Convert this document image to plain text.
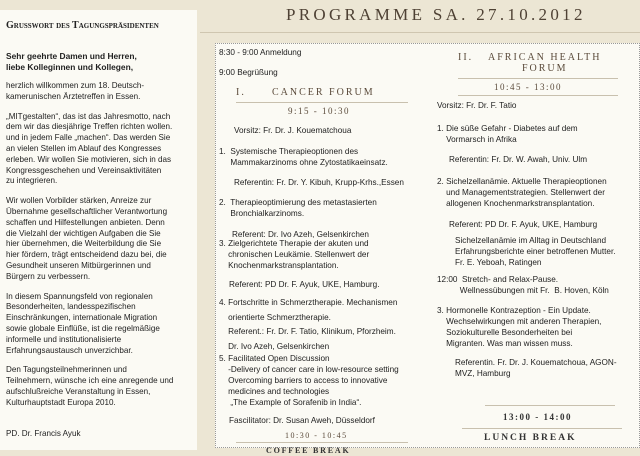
Grußwort des Tagungspräsidenten
Sehr geehrte Damen und Herren,
liebe Kolleginnen und Kollegen,

herzlich willkommen zum 18. Deutsch-
kamerunischen Ärztetreffen in Essen.

„MITgestalten“, das ist das Jahresmotto, nach
dem wir das diesjährige Treffen richten wollen.
und in jedem Falle „machen“. Das werden Sie
an vielen Stellen im Ablauf des Kongresses
erleben. Wir wollen Sie motivieren, sich in das
Kongressgeschehen und Vereinsaktivitäten
zu integrieren.

Wir wollen Vorbilder stärken, Anreize zur
Übernahme gesellschaftlicher Verantwortung
schaffen und Hilfestellungen anbieten. Denn
die Vielzahl der wichtigen Aufgaben die Sie
hier übernehmen, die Weiterbildung die Sie
hier fördern, trägt entscheidend dazu bei, die
Gesundheit unseren Mitbürgerinnen und
Bürgern zu verbessern.

In diesem Spannungsfeld von regionalen
Besonderheiten, landesspezifischen
Einschränkungen, internationale Migration
sowie globale Einflüße, ist die regelmäßige
informelle und institutionalisierte
Erfahrungsaustausch unverzichbar.

Den Tagungsteilnehmerinnen und
Teilnehmern, wünsche ich eine anregende und
aufschlußreiche Veranstaltung in Essen,
Kulturhauptstadt Europa 2010.

PD. Dr. Francis Ayuk

PROGRAMME SA. 27.10.2012
8:30 - 9:00 Anmeldung
9:00 Begrüßung
I.	CANCER FORUM
9:15 - 10:30
Vorsitz: Fr. Dr. J. Kouematchoua
1.  Systemische Therapieoptionen des
Mammakarzinoms ohne Zytostatikaeinsatz.
Referentin: Fr. Dr. Y. Kibuh, Krupp-Krhs.,Essen
2.  Therapieoptimierung des metastasierten
Bronchialkarzinoms.
Referent: Dr. Ivo Azeh, Gelsenkirchen
3. Zielgerichtete Therapie der akuten und
chronischen Leukämie. Stellenwert der
Knochenmarkstransplantation.
Referent: PD Dr. F. Ayuk, UKE, Hamburg.
4. Fortschritte in Schmerztherapie. Mechanismen
orientierte Schmerztherapie.
Referent.: Fr. Dr. F. Tatio, Klinikum, Pforzheim.
Dr. Ivo Azeh, Gelsenkirchen
5. Facilitated Open Discussion
-Delivery of cancer care in low-resource setting
Overcoming barriers to access to innovative
medicines and technologies
„The Example of Sorafenib in India“.
Fascilitator: Dr. Susan Aweh, Düsseldorf
10:30 - 10:45
COFFEE BREAK
II. AFRICAN HEALTH
FORUM
10:45 - 13:00
Vorsitz: Fr. Dr. F. Tatio
1. Die süße Gefahr - Diabetes auf dem
Vormarsch in Afrika
Referentin: Fr. Dr. W. Awah, Univ. Ulm
2. Sichelzellanämie. Aktuelle Therapieoptionen
und Managementstrategien. Stellenwert der
allogenen Knochenmarkstransplantation.
Referent: PD Dr. F. Ayuk, UKE, Hamburg
Sichelzellanämie im Alltag in Deutschland
Erfahrungsberichte einer betroffenen Mutter.
Fr. E. Yeboah, Ratingen
12:00  Stretch- and Relax-Pause.
Wellnessübungen mit Fr.  B. Hoven, Köln
3. Hormonelle Kontrazeption - Ein Update.
Wechselwirkungen mit anderen Therapien,
Soziokulturelle Besonderheiten bei
Migranten. Was man wissen muss.
Referentin. Fr. Dr. J. Kouematchoua, AGON-
MVZ, Hamburg
13:00 - 14:00
LUNCH BREAK
